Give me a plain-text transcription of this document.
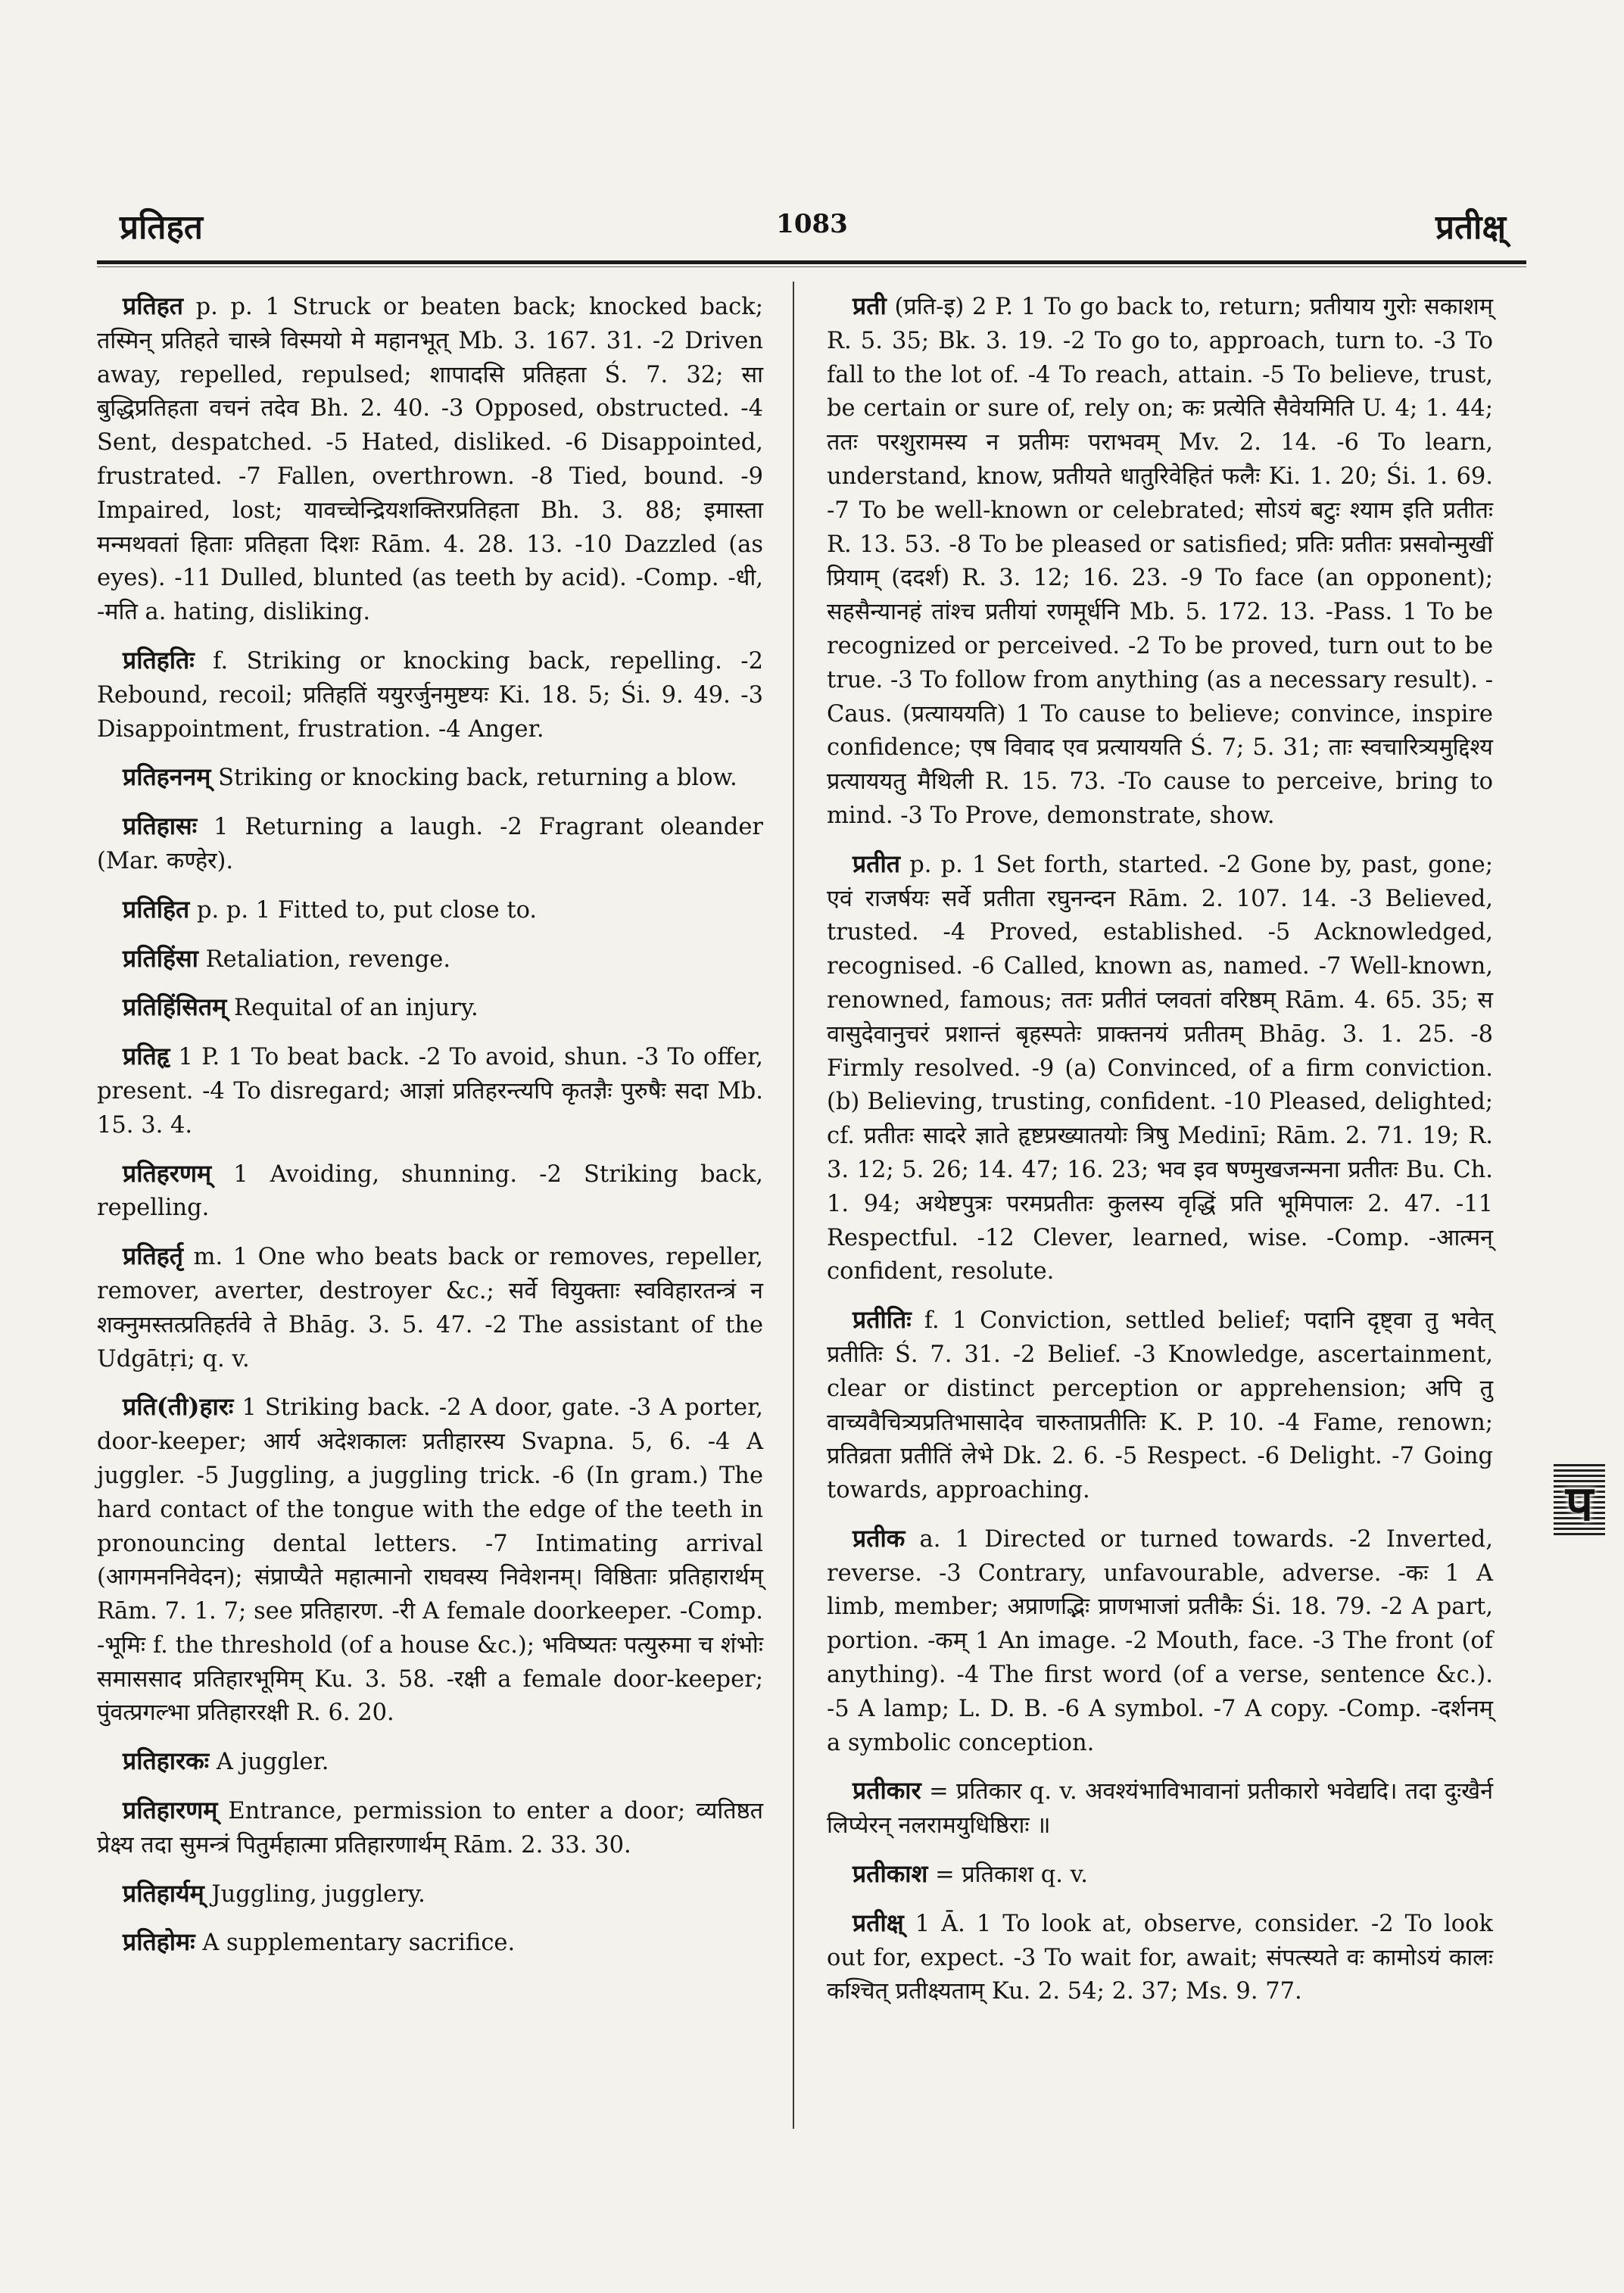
प्रतिहत	1083	प्रतीक्ष्

प्रतिहत p. p. 1 Struck or beaten back; knocked back; तस्मिन् प्रतिहते चास्त्रे विस्मयो मे महानभूत् Mb. 3. 167. 31. -2 Driven away, repelled, repulsed; शापादसि प्रतिहता Ś. 7. 32; सा बुद्धिप्रतिहता वचनं तदेव Bh. 2. 40. -3 Opposed, obstructed. -4 Sent, despatched. -5 Hated, disliked. -6 Disappointed, frustrated. -7 Fallen, overthrown. -8 Tied, bound. -9 Impaired, lost; यावच्चेन्द्रियशक्तिरप्रतिहता Bh. 3. 88; इमास्ता मन्मथवतां हिताः प्रतिहता दिशः Rām. 4. 28. 13. -10 Dazzled (as eyes). -11 Dulled, blunted (as teeth by acid). -Comp. -धी, -मति a. hating, disliking.

प्रतिहतिः f. Striking or knocking back, repelling. -2 Rebound, recoil; प्रतिहतिं ययुरर्जुनमुष्टयः Ki. 18. 5; Śi. 9. 49. -3 Disappointment, frustration. -4 Anger.

प्रतिहननम् Striking or knocking back, returning a blow.

प्रतिहासः 1 Returning a laugh. -2 Fragrant oleander (Mar. कण्हेर).

प्रतिहित p. p. 1 Fitted to, put close to.

प्रतिहिंसा Retaliation, revenge.

प्रतिहिंसितम् Requital of an injury.

प्रतिहृ 1 P. 1 To beat back. -2 To avoid, shun. -3 To offer, present. -4 To disregard; आज्ञां प्रतिहरन्त्यपि कृतज्ञैः पुरुषैः सदा Mb. 15. 3. 4.

प्रतिहरणम् 1 Avoiding, shunning. -2 Striking back, repelling.

प्रतिहर्तृ m. 1 One who beats back or removes, repeller, remover, averter, destroyer &c.; सर्वे वियुक्ताः स्वविहारतन्त्रं न शक्नुमस्तत्प्रतिहर्तवे ते Bhāg. 3. 5. 47. -2 The assistant of the Udgātṛi; q. v.

प्रति(ती)हारः 1 Striking back. -2 A door, gate. -3 A porter, door-keeper; आर्य अदेशकालः प्रतीहारस्य Svapna. 5, 6. -4 A juggler. -5 Juggling, a juggling trick. -6 (In gram.) The hard contact of the tongue with the edge of the teeth in pronouncing dental letters. -7 Intimating arrival (आगमननिवेदन); संप्राप्यैते महात्मानो राघवस्य निवेशनम्। विष्ठिताः प्रतिहारार्थम् Rām. 7. 1. 7; see प्रतिहारण. -री A female doorkeeper. -Comp. -भूमिः f. the threshold (of a house &c.); भविष्यतः पत्युरुमा च शंभोः समाससाद प्रतिहारभूमिम् Ku. 3. 58. -रक्षी a female door-keeper; पुंवत्प्रगल्भा प्रतिहाररक्षी R. 6. 20.

प्रतिहारकः A juggler.

प्रतिहारणम् Entrance, permission to enter a door; व्यतिष्ठत प्रेक्ष्य तदा सुमन्त्रं पितुर्महात्मा प्रतिहारणार्थम् Rām. 2. 33. 30.

प्रतिहार्यम् Juggling, jugglery.

प्रतिहोमः A supplementary sacrifice.

प्रती (प्रति-इ) 2 P. 1 To go back to, return; प्रतीयाय गुरोः सकाशम् R. 5. 35; Bk. 3. 19. -2 To go to, approach, turn to. -3 To fall to the lot of. -4 To reach, attain. -5 To believe, trust, be certain or sure of, rely on; कः प्रत्येति सैवेयमिति U. 4; 1. 44; ततः परशुरामस्य न प्रतीमः पराभवम् Mv. 2. 14. -6 To learn, understand, know, प्रतीयते धातुरिवेहितं फलैः Ki. 1. 20; Śi. 1. 69. -7 To be well-known or celebrated; सोऽयं बटुः श्याम इति प्रतीतः R. 13. 53. -8 To be pleased or satisfied; प्रतिः प्रतीतः प्रसवोन्मुखीं प्रियाम् (ददर्श) R. 3. 12; 16. 23. -9 To face (an opponent); सहसैन्यानहं तांश्च प्रतीयां रणमूर्धनि Mb. 5. 172. 13. -Pass. 1 To be recognized or perceived. -2 To be proved, turn out to be true. -3 To follow from anything (as a necessary result). -Caus. (प्रत्याययति) 1 To cause to believe; convince, inspire confidence; एष विवाद एव प्रत्याययति Ś. 7; 5. 31; ताः स्वचारित्र्यमुद्दिश्य प्रत्याययतु मैथिली R. 15. 73. -To cause to perceive, bring to mind. -3 To Prove, demonstrate, show.

प्रतीत p. p. 1 Set forth, started. -2 Gone by, past, gone; एवं राजर्षयः सर्वे प्रतीता रघुनन्दन Rām. 2. 107. 14. -3 Believed, trusted. -4 Proved, established. -5 Acknowledged, recognised. -6 Called, known as, named. -7 Well-known, renowned, famous; ततः प्रतीतं प्लवतां वरिष्ठम् Rām. 4. 65. 35; स वासुदेवानुचरं प्रशान्तं बृहस्पतेः प्राक्तनयं प्रतीतम् Bhāg. 3. 1. 25. -8 Firmly resolved. -9 (a) Convinced, of a firm conviction. (b) Believing, trusting, confident. -10 Pleased, delighted; cf. प्रतीतः सादरे ज्ञाते हृष्टप्रख्यातयोः त्रिषु Medinī; Rām. 2. 71. 19; R. 3. 12; 5. 26; 14. 47; 16. 23; भव इव षण्मुखजन्मना प्रतीतः Bu. Ch. 1. 94; अथेष्टपुत्रः परमप्रतीतः कुलस्य वृद्धिं प्रति भूमिपालः 2. 47. -11 Respectful. -12 Clever, learned, wise. -Comp. -आत्मन् confident, resolute.

प्रतीतिः f. 1 Conviction, settled belief; पदानि दृष्ट्वा तु भवेत् प्रतीतिः Ś. 7. 31. -2 Belief. -3 Knowledge, ascertainment, clear or distinct perception or apprehension; अपि तु वाच्यवैचित्र्यप्रतिभासादेव चारुताप्रतीतिः K. P. 10. -4 Fame, renown; प्रतिव्रता प्रतीतिं लेभे Dk. 2. 6. -5 Respect. -6 Delight. -7 Going towards, approaching.

प्रतीक a. 1 Directed or turned towards. -2 Inverted, reverse. -3 Contrary, unfavourable, adverse. -कः 1 A limb, member; अप्राणद्भिः प्राणभाजां प्रतीकैः Śi. 18. 79. -2 A part, portion. -कम् 1 An image. -2 Mouth, face. -3 The front (of anything). -4 The first word (of a verse, sentence &c.). -5 A lamp; L. D. B. -6 A symbol. -7 A copy. -Comp. -दर्शनम् a symbolic conception.

प्रतीकार = प्रतिकार q. v. अवश्यंभाविभावानां प्रतीकारो भवेद्यदि। तदा दुःखैर्न लिप्येरन् नलरामयुधिष्ठिराः ॥

प्रतीकाश = प्रतिकाश q. v.

प्रतीक्ष् 1 Ā. 1 To look at, observe, consider. -2 To look out for, expect. -3 To wait for, await; संपत्स्यते वः कामोऽयं कालः कश्चित् प्रतीक्ष्यताम् Ku. 2. 54; 2. 37; Ms. 9. 77.

प
